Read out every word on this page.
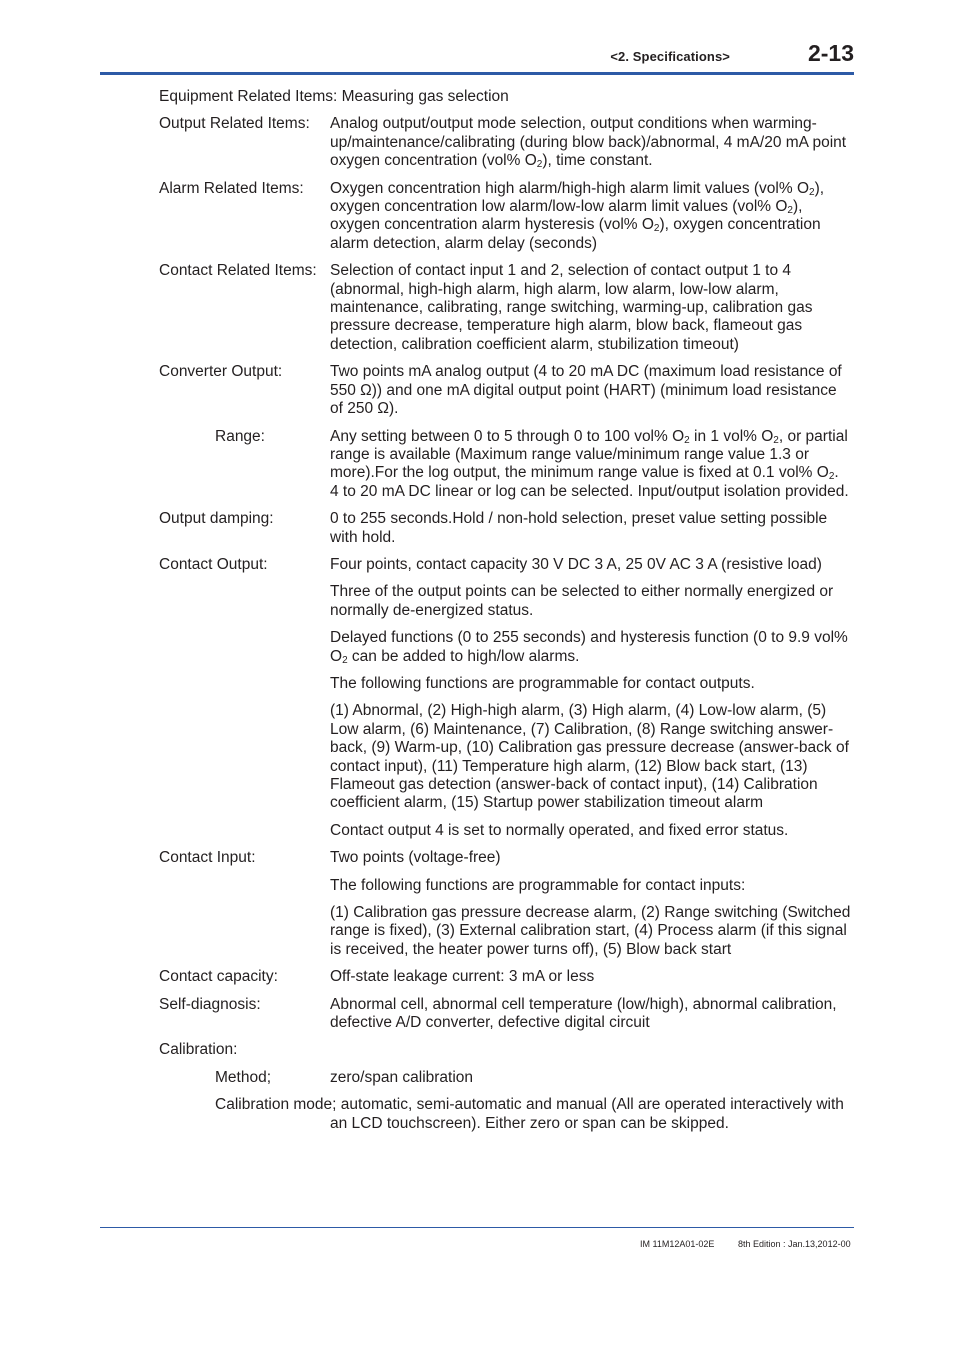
<2. Specifications>	2-13
Equipment Related Items: Measuring gas selection
Output Related Items: Analog output/output mode selection, output conditions when warming-up/maintenance/calibrating (during blow back)/abnormal, 4 mA/20 mA point oxygen concentration (vol% $O_2$), time constant.
Alarm Related Items: Oxygen concentration high alarm/high-high alarm limit values (vol% $O_2$), oxygen concentration low alarm/low-low alarm limit values (vol% $O_2$), oxygen concentration alarm hysteresis (vol% $O_2$), oxygen concentration alarm detection, alarm delay (seconds)
Contact Related Items: Selection of contact input 1 and 2, selection of contact output 1 to 4 (abnormal, high-high alarm, high alarm, low alarm, low-low alarm, maintenance, calibrating, range switching, warming-up, calibration gas pressure decrease, temperature high alarm, blow back, flameout gas detection, calibration coefficient alarm, stubilization timeout)
Converter Output:	Two points mA analog output (4 to 20 mA DC (maximum load resistance of 550 Ω)) and one mA digital output point (HART) (minimum load resistance of 250 Ω).
Range:	Any setting between 0 to 5 through 0 to 100 vol% $O_2$ in 1 vol% $O_2$, or partial range is available (Maximum range value/minimum range value 1.3 or more).For the log output, the minimum range value is fixed at 0.1 vol% $O_2$.
4 to 20 mA DC linear or log can be selected. Input/output isolation provided.
Output damping:	0 to 255 seconds.Hold / non-hold selection, preset value setting possible with hold.
Contact Output:	Four points, contact capacity 30 V DC 3 A, 25 0V AC 3 A (resistive load)
Three of the output points can be selected to either normally energized or normally de-energized status.
Delayed functions (0 to 255 seconds) and hysteresis function (0 to 9.9 vol% $O_2$ can be added to high/low alarms.
The following functions are programmable for contact outputs.
(1) Abnormal, (2) High-high alarm, (3) High alarm, (4) Low-low alarm, (5) Low alarm, (6) Maintenance, (7) Calibration, (8) Range switching answer-back, (9) Warm-up, (10) Calibration gas pressure decrease (answer-back of contact input), (11) Temperature high alarm, (12) Blow back start, (13) Flameout gas detection (answer-back of contact input), (14) Calibration coefficient alarm, (15) Startup power stabilization timeout alarm
Contact output 4 is set to normally operated, and fixed error status.
Contact Input:	Two points (voltage-free)
The following functions are programmable for contact inputs:
(1) Calibration gas pressure decrease alarm, (2) Range switching (Switched range is fixed), (3) External calibration start, (4) Process alarm (if this signal is received, the heater power turns off), (5) Blow back start
Contact capacity:	Off-state leakage current: 3 mA or less
Self-diagnosis:	Abnormal cell, abnormal cell temperature (low/high), abnormal calibration, defective A/D converter, defective digital circuit
Calibration:
Method;	zero/span calibration
Calibration mode; automatic, semi-automatic and manual (All are operated interactively with an LCD touchscreen). Either zero or span can be skipped.
IM 11M12A01-02E	8th Edition : Jan.13,2012-00
